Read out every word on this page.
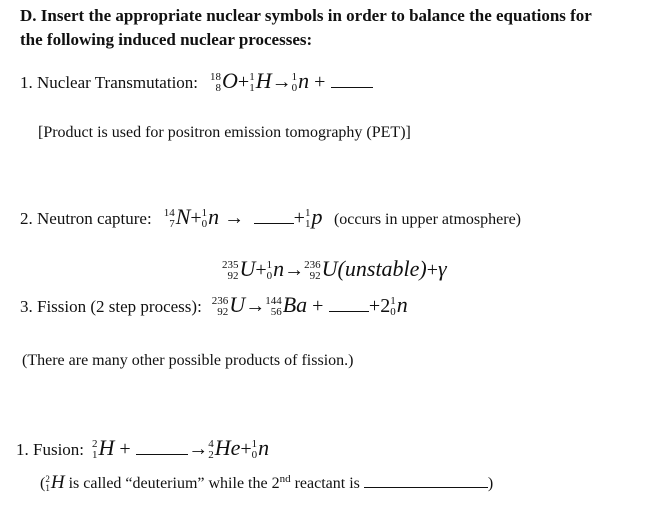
D. Insert the appropriate nuclear symbols in order to balance the equations for
the following induced nuclear processes:
1. Nuclear Transmutation: 18
8 O+ 1
1 H→ 1
0 n +
[Product is used for positron emission tomography (PET)]
2. Neutron capture: 14
7 N+ 1
0 n → + 1
1 p (occurs in upper atmosphere)
235
92 U+ 1
0 n→ 236
92 U(unstable)+γ
3. Fission (2 step process): 236
92 U→ 144
56 Ba + +2 1
0 n
(There are many other possible products of fission.)
1. Fusion: 2
1 H +	→ 4
2 He+ 1
0 n
( 2
1 H is called “deuterium” while the 2nd reactant is	)
